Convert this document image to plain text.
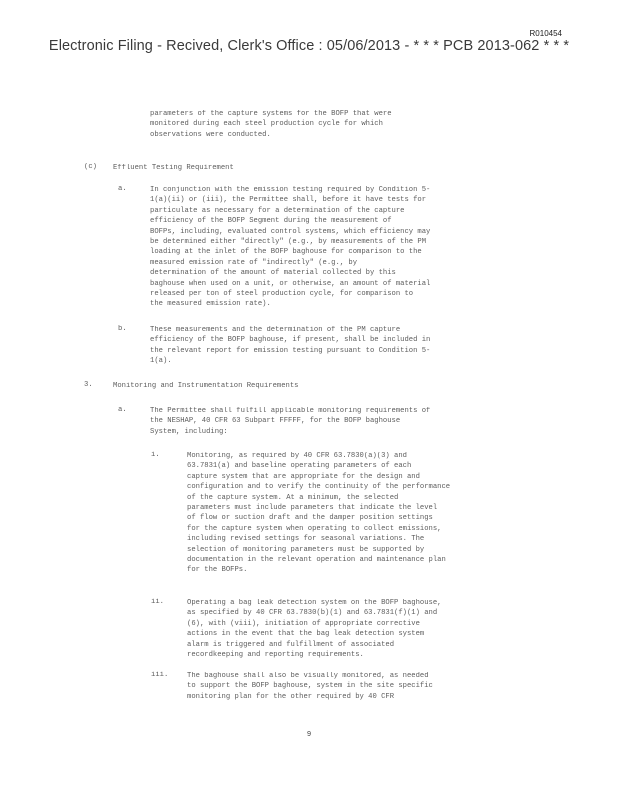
R010454
Electronic Filing - Recived, Clerk's Office : 05/06/2013 - * * * PCB 2013-062 * * *
parameters of the capture systems for the BOFP that were
monitored during each steel production cycle for which
observations were conducted.
(c) Effluent Testing Requirement
a.	In conjunction with the emission testing required by Condition 5-
1(a)(ii) or (iii), the Permittee shall, before it have tests for
particulate as necessary for a determination of the capture
efficiency of the BOFP Segment during the measurement of
BOFPs, including, evaluated control systems, which efficiency may
be determined either "directly" (e.g., by measurements of the PM
loading at the inlet of the BOFP baghouse for comparison to the
measured emission rate of "indirectly" (e.g., by
determination of the amount of material collected by this
baghouse when used on a unit, or otherwise, an amount of material
released per ton of steel production cycle, for comparison to
the measured emission rate).
b.	These measurements and the determination of the PM capture
efficiency of the BOFP baghouse, if present, shall be included in
the relevant report for emission testing pursuant to Condition 5-
1(a).
3.	Monitoring and Instrumentation Requirements
a.	The Permittee shall fulfill applicable monitoring requirements of
the NESHAP, 40 CFR 63 Subpart FFFFF, for the BOFP baghouse
System, including:
i.	Monitoring, as required by 40 CFR 63.7830(a)(3) and
63.7831(a) and baseline operating parameters of each
capture system that are appropriate for the design and
configuration and to verify the continuity of the performance
of the capture system. At a minimum, the selected
parameters must include parameters that indicate the level
of flow or suction draft and the damper position settings
for the capture system when operating to collect emissions,
including revised settings for seasonal variations. The
selection of monitoring parameters must be supported by
documentation in the relevant operation and maintenance plan
for the BOFPs.
ii.	Operating a bag leak detection system on the BOFP baghouse,
as specified by 40 CFR 63.7830(b)(1) and 63.7831(f)(1) and
(6), with (viii), initiation of appropriate corrective
actions in the event that the bag leak detection system
alarm is triggered and fulfillment of associated
recordkeeping and reporting requirements.
iii.	The baghouse shall also be visually monitored, as needed
to support the BOFP baghouse, system in the site specific
monitoring plan for the other required by 40 CFR
9
